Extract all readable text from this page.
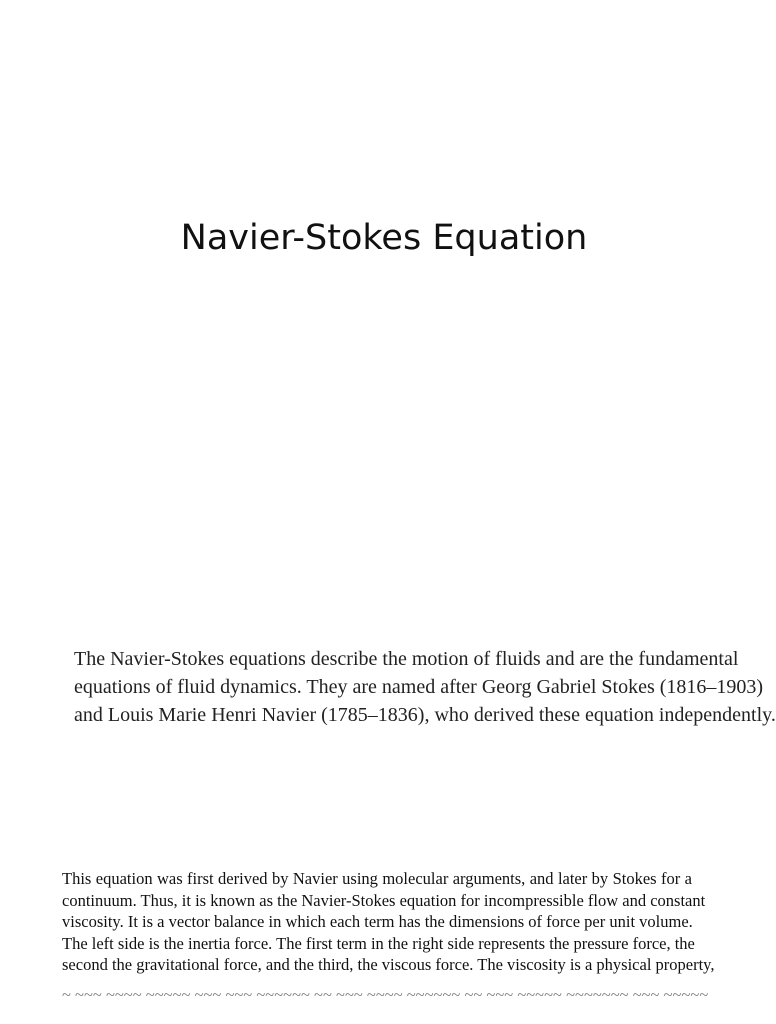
Navier-Stokes Equation
The Navier-Stokes equations describe the motion of fluids and are the fundamental
equations of fluid dynamics. They are named after Georg Gabriel Stokes (1816–1903)
and Louis Marie Henri Navier (1785–1836), who derived these equation independently.
This equation was first derived by Navier using molecular arguments, and later by Stokes for a
continuum. Thus, it is known as the Navier-Stokes equation for incompressible flow and constant
viscosity. It is a vector balance in which each term has the dimensions of force per unit volume.
The left side is the inertia force. The first term in the right side represents the pressure force, the
second the gravitational force, and the third, the viscous force. The viscosity is a physical property,
~ ~~~ ~~~~ ~~~~~ ~~~ ~~~ ~~~~~~ ~~ ~~~ ~~~~ ~~~~~~ ~~ ~~~ ~~~~~ ~~~~~~~ ~~~ ~~~~~
